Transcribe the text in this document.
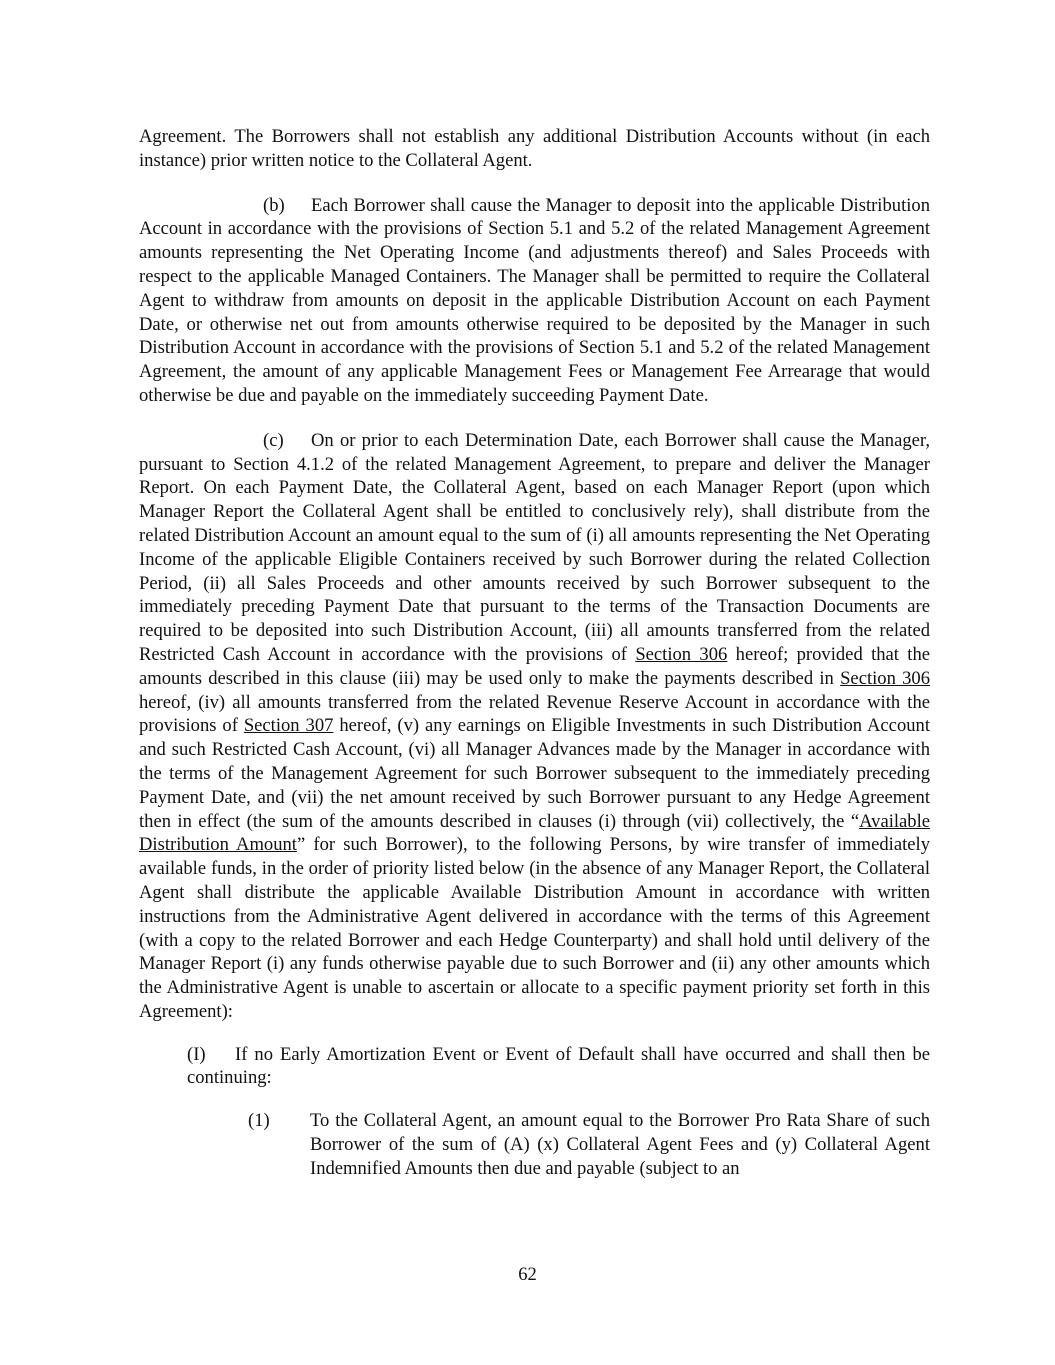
Agreement. The Borrowers shall not establish any additional Distribution Accounts without (in each instance) prior written notice to the Collateral Agent.

(b) Each Borrower shall cause the Manager to deposit into the applicable Distribution Account in accordance with the provisions of Section 5.1 and 5.2 of the related Management Agreement amounts representing the Net Operating Income (and adjustments thereof) and Sales Proceeds with respect to the applicable Managed Containers. The Manager shall be permitted to require the Collateral Agent to withdraw from amounts on deposit in the applicable Distribution Account on each Payment Date, or otherwise net out from amounts otherwise required to be deposited by the Manager in such Distribution Account in accordance with the provisions of Section 5.1 and 5.2 of the related Management Agreement, the amount of any applicable Management Fees or Management Fee Arrearage that would otherwise be due and payable on the immediately succeeding Payment Date.

(c) On or prior to each Determination Date, each Borrower shall cause the Manager, pursuant to Section 4.1.2 of the related Management Agreement, to prepare and deliver the Manager Report. On each Payment Date, the Collateral Agent, based on each Manager Report (upon which Manager Report the Collateral Agent shall be entitled to conclusively rely), shall distribute from the related Distribution Account an amount equal to the sum of (i) all amounts representing the Net Operating Income of the applicable Eligible Containers received by such Borrower during the related Collection Period, (ii) all Sales Proceeds and other amounts received by such Borrower subsequent to the immediately preceding Payment Date that pursuant to the terms of the Transaction Documents are required to be deposited into such Distribution Account, (iii) all amounts transferred from the related Restricted Cash Account in accordance with the provisions of Section 306 hereof; provided that the amounts described in this clause (iii) may be used only to make the payments described in Section 306 hereof, (iv) all amounts transferred from the related Revenue Reserve Account in accordance with the provisions of Section 307 hereof, (v) any earnings on Eligible Investments in such Distribution Account and such Restricted Cash Account, (vi) all Manager Advances made by the Manager in accordance with the terms of the Management Agreement for such Borrower subsequent to the immediately preceding Payment Date, and (vii) the net amount received by such Borrower pursuant to any Hedge Agreement then in effect (the sum of the amounts described in clauses (i) through (vii) collectively, the “Available Distribution Amount” for such Borrower), to the following Persons, by wire transfer of immediately available funds, in the order of priority listed below (in the absence of any Manager Report, the Collateral Agent shall distribute the applicable Available Distribution Amount in accordance with written instructions from the Administrative Agent delivered in accordance with the terms of this Agreement (with a copy to the related Borrower and each Hedge Counterparty) and shall hold until delivery of the Manager Report (i) any funds otherwise payable due to such Borrower and (ii) any other amounts which the Administrative Agent is unable to ascertain or allocate to a specific payment priority set forth in this Agreement):

(I) If no Early Amortization Event or Event of Default shall have occurred and shall then be continuing:

(1) To the Collateral Agent, an amount equal to the Borrower Pro Rata Share of such Borrower of the sum of (A) (x) Collateral Agent Fees and (y) Collateral Agent Indemnified Amounts then due and payable (subject to an

62
